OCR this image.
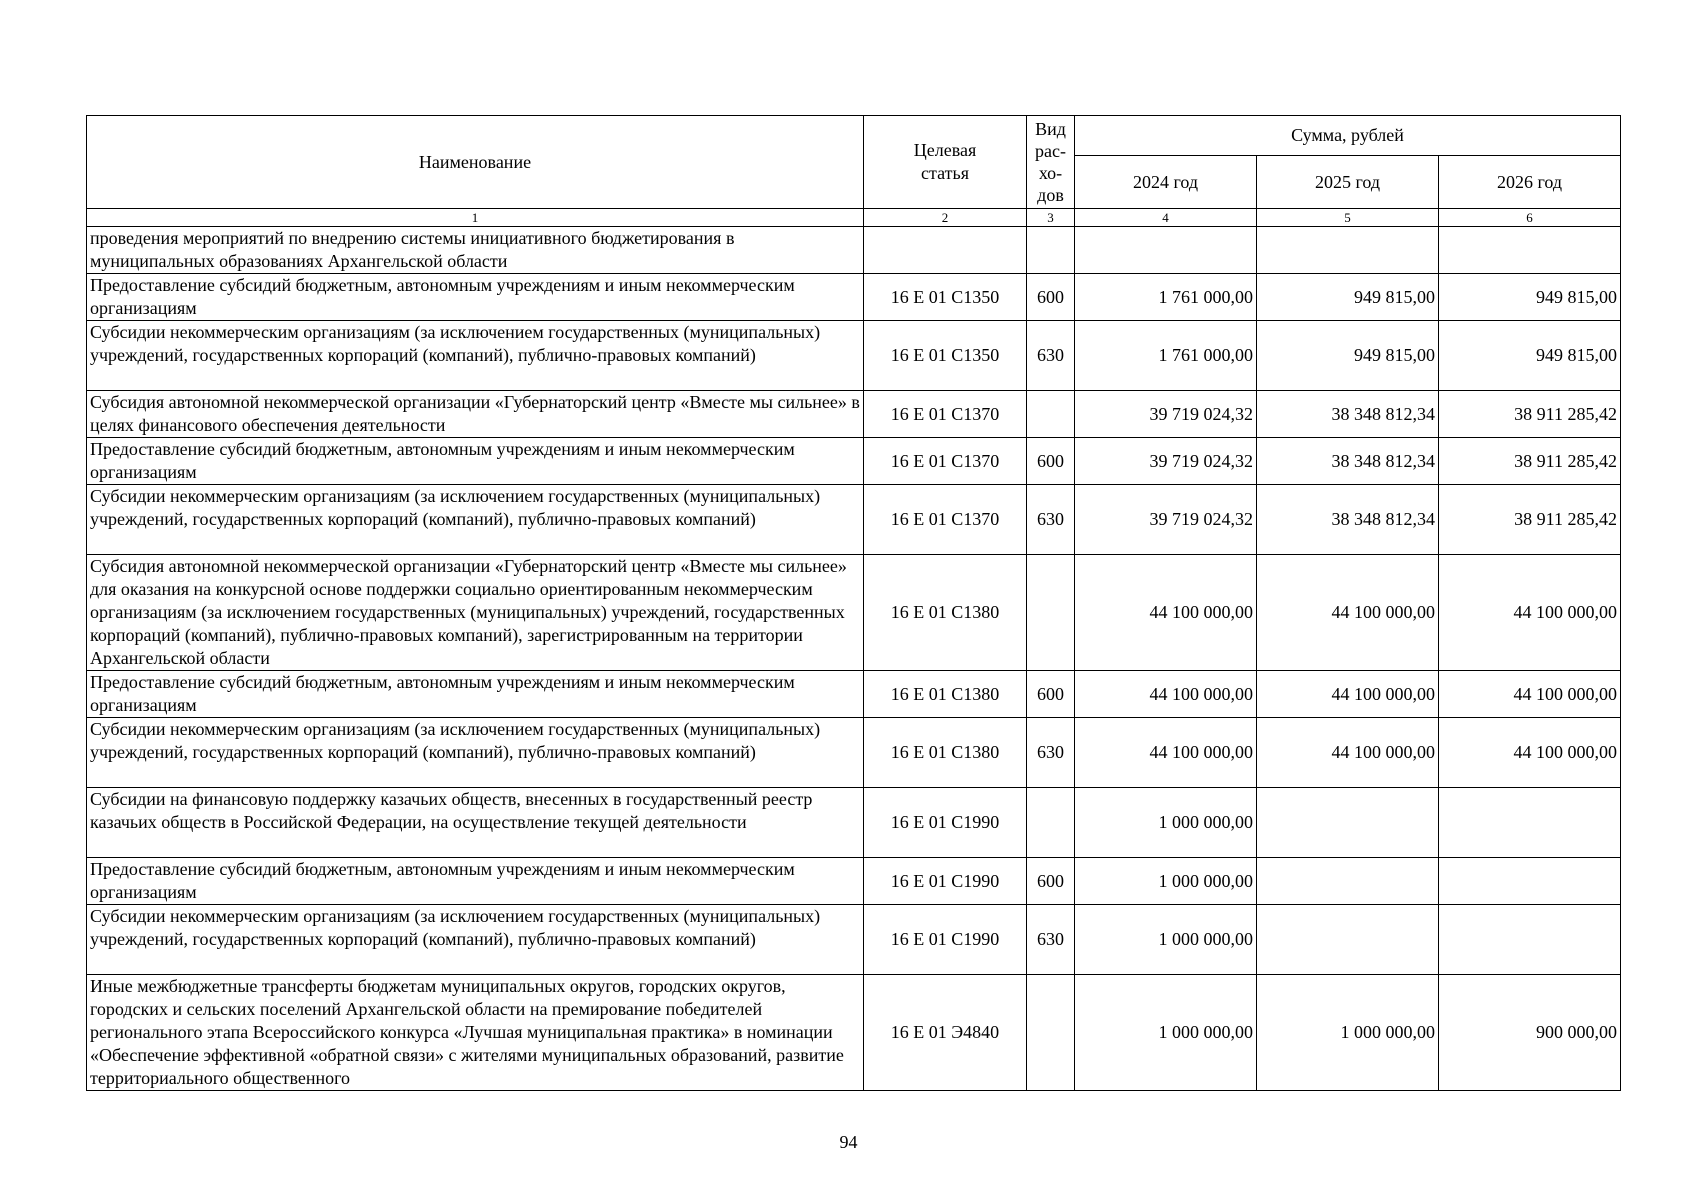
Наименование	Целевая статья	Вид
рас-
хо-
дов	Сумма, рублей		
			2024 год	2025 год	2026 год
1	2	3	4	5	6
проведения мероприятий по внедрению системы инициативного бюджетирования в муниципальных образованиях Архангельской области					
Предоставление субсидий бюджетным, автономным учреждениям и иным некоммерческим организациям	16 Е 01 С1350	600	1 761 000,00	949 815,00	949 815,00
Субсидии некоммерческим организациям (за исключением государственных (муниципальных) учреждений, государственных корпораций (компаний), публично-правовых компаний)	16 Е 01 С1350	630	1 761 000,00	949 815,00	949 815,00
Субсидия автономной некоммерческой организации «Губернаторский центр «Вместе мы сильнее» в целях финансового обеспечения деятельности	16 Е 01 С1370		39 719 024,32	38 348 812,34	38 911 285,42
Предоставление субсидий бюджетным, автономным учреждениям и иным некоммерческим организациям	16 Е 01 С1370	600	39 719 024,32	38 348 812,34	38 911 285,42
Субсидии некоммерческим организациям (за исключением государственных (муниципальных) учреждений, государственных корпораций (компаний), публично-правовых компаний)	16 Е 01 С1370	630	39 719 024,32	38 348 812,34	38 911 285,42
Субсидия автономной некоммерческой организации «Губернаторский центр «Вместе мы сильнее» для оказания на конкурсной основе поддержки социально ориентированным некоммерческим организациям (за исключением государственных (муниципальных) учреждений, государственных корпораций (компаний), публично-правовых компаний), зарегистрированным на территории Архангельской области	16 Е 01 С1380		44 100 000,00	44 100 000,00	44 100 000,00
Предоставление субсидий бюджетным, автономным учреждениям и иным некоммерческим организациям	16 Е 01 С1380	600	44 100 000,00	44 100 000,00	44 100 000,00
Субсидии некоммерческим организациям (за исключением государственных (муниципальных) учреждений, государственных корпораций (компаний), публично-правовых компаний)	16 Е 01 С1380	630	44 100 000,00	44 100 000,00	44 100 000,00
Субсидии на финансовую поддержку казачьих обществ, внесенных в государственный реестр казачьих обществ в Российской Федерации, на осуществление текущей деятельности	16 Е 01 С1990		1 000 000,00		
Предоставление субсидий бюджетным, автономным учреждениям и иным некоммерческим организациям	16 Е 01 С1990	600	1 000 000,00		
Субсидии некоммерческим организациям (за исключением государственных (муниципальных) учреждений, государственных корпораций (компаний), публично-правовых компаний)	16 Е 01 С1990	630	1 000 000,00		
Иные межбюджетные трансферты бюджетам муниципальных округов, городских округов, городских и сельских поселений Архангельской области на премирование победителей регионального этапа Всероссийского конкурса «Лучшая муниципальная практика» в номинации «Обеспечение эффективной «обратной связи» с жителями муниципальных образований, развитие территориального общественного	16 Е 01 Э4840		1 000 000,00	1 000 000,00	900 000,00
94
